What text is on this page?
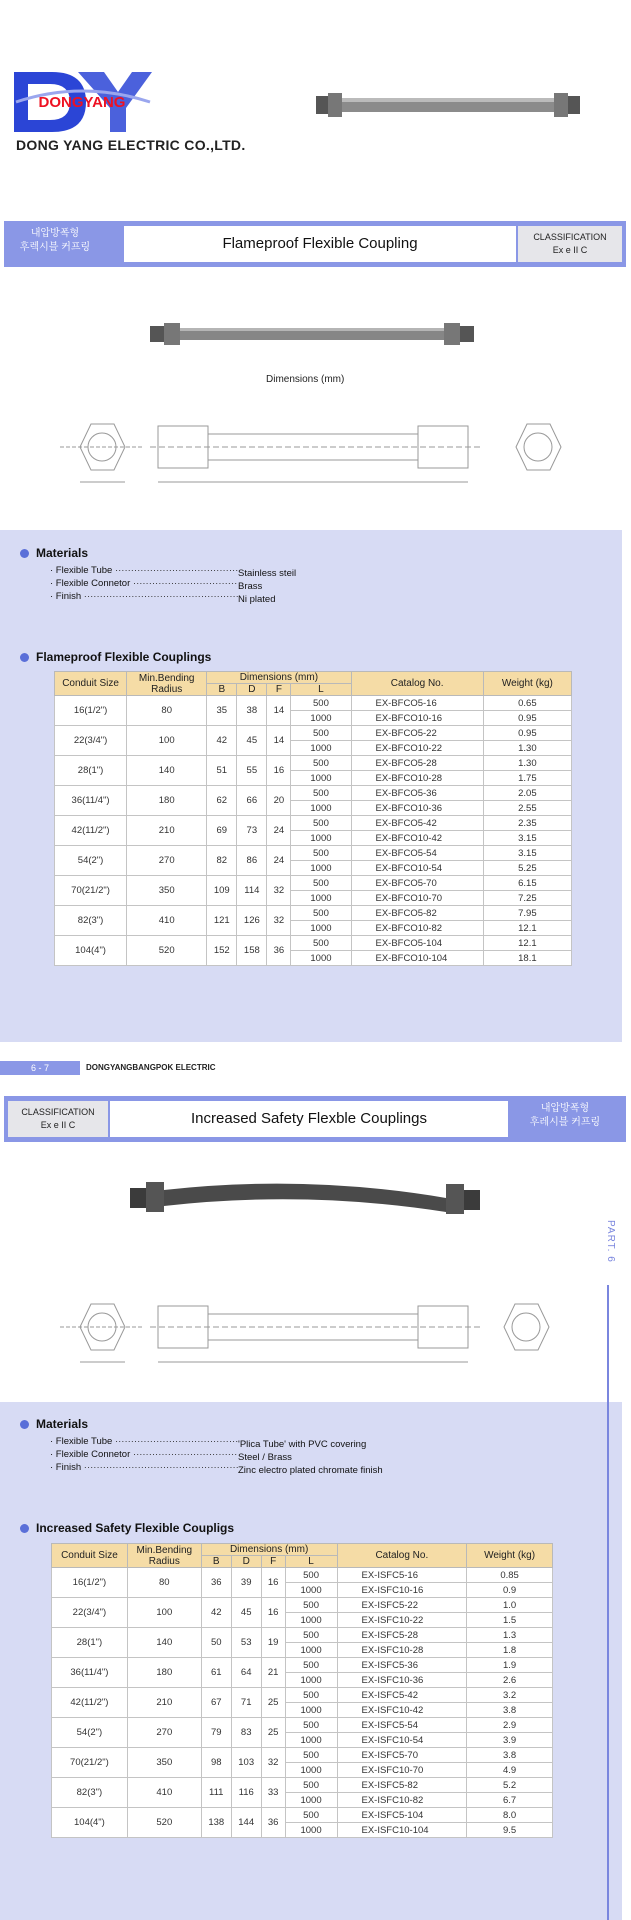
DONGYANG
DONG YANG ELECTRIC CO.,LTD.
내압방폭형
후렉시블 커프링	Flameproof Flexible Coupling	CLASSIFICATION
Ex e II C
Dimensions (mm)
Materials
· Flexible Tube ·····	Stainless steil
· Flexible Connetor ·····	Brass
· Finish ·····	Ni plated
Flameproof Flexible Couplings
Conduit Size	Min.Bending
Radius	Dimensions (mm)				Catalog No.	Weight (kg)
		B	D	F	L		
16(1/2")	80	35	38	14	500	EX-BFCO5-16	0.65
					1000	EX-BFCO10-16	0.95
22(3/4")	100	42	45	14	500	EX-BFCO5-22	0.95
					1000	EX-BFCO10-22	1.30
28(1")	140	51	55	16	500	EX-BFCO5-28	1.30
					1000	EX-BFCO10-28	1.75
36(11/4")	180	62	66	20	500	EX-BFCO5-36	2.05
					1000	EX-BFCO10-36	2.55
42(11/2")	210	69	73	24	500	EX-BFCO5-42	2.35
					1000	EX-BFCO10-42	3.15
54(2")	270	82	86	24	500	EX-BFCO5-54	3.15
					1000	EX-BFCO10-54	5.25
70(21/2")	350	109	114	32	500	EX-BFCO5-70	6.15
					1000	EX-BFCO10-70	7.25
82(3")	410	121	126	32	500	EX-BFCO5-82	7.95
					1000	EX-BFCO10-82	12.1
104(4")	520	152	158	36	500	EX-BFCO5-104	12.1
					1000	EX-BFCO10-104	18.1
6 - 7	DONGYANGBANGPOK ELECTRIC
CLASSIFICATION
Ex e II C	Increased Safety Flexble Couplings
내압방폭형
후레시블 커프링
Materials
· Flexible Tube ·····	'Plica Tube' with PVC covering
· Flexible Connetor ·····	Steel / Brass
· Finish ·····	Zinc electro plated chromate finish
Increased Safety Flexible Coupligs
Conduit Size	Min.Bending
Radius	Dimensions (mm)				Catalog No.	Weight (kg)
		B	D	F	L		
16(1/2")	80	36	39	16	500	EX-ISFC5-16	0.85
					1000	EX-ISFC10-16	0.9
22(3/4")	100	42	45	16	500	EX-ISFC5-22	1.0
					1000	EX-ISFC10-22	1.5
28(1")	140	50	53	19	500	EX-ISFC5-28	1.3
					1000	EX-ISFC10-28	1.8
36(11/4")	180	61	64	21	500	EX-ISFC5-36	1.9
					1000	EX-ISFC10-36	2.6
42(11/2")	210	67	71	25	500	EX-ISFC5-42	3.2
					1000	EX-ISFC10-42	3.8
54(2")	270	79	83	25	500	EX-ISFC5-54	2.9
					1000	EX-ISFC10-54	3.9
70(21/2")	350	98	103	32	500	EX-ISFC5-70	3.8
					1000	EX-ISFC10-70	4.9
82(3")	410	111	116	33	500	EX-ISFC5-82	5.2
					1000	EX-ISFC10-82	6.7
104(4")	520	138	144	36	500	EX-ISFC5-104	8.0
					1000	EX-ISFC10-104	9.5
PART. 6
